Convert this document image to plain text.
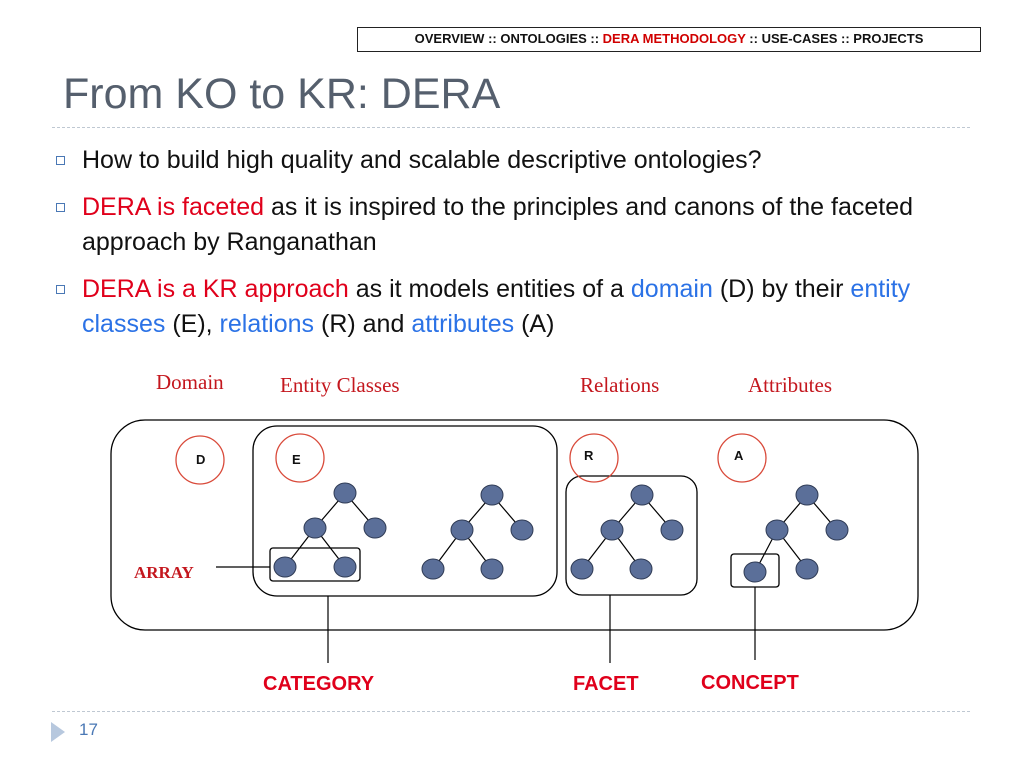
OVERVIEW :: ONTOLOGIES :: DERA METHODOLOGY :: USE-CASES :: PROJECTS
From KO to KR: DERA
How to build high quality and scalable descriptive ontologies?
DERA is faceted as it is inspired to the principles and canons of the faceted approach by Ranganathan
DERA is a KR approach as it models entities of a domain (D) by their entity classes (E), relations (R) and attributes (A)
Domain	Entity Classes	Relations	Attributes
ARRAY
D	E	R	A
CATEGORY	FACET	CONCEPT
17
